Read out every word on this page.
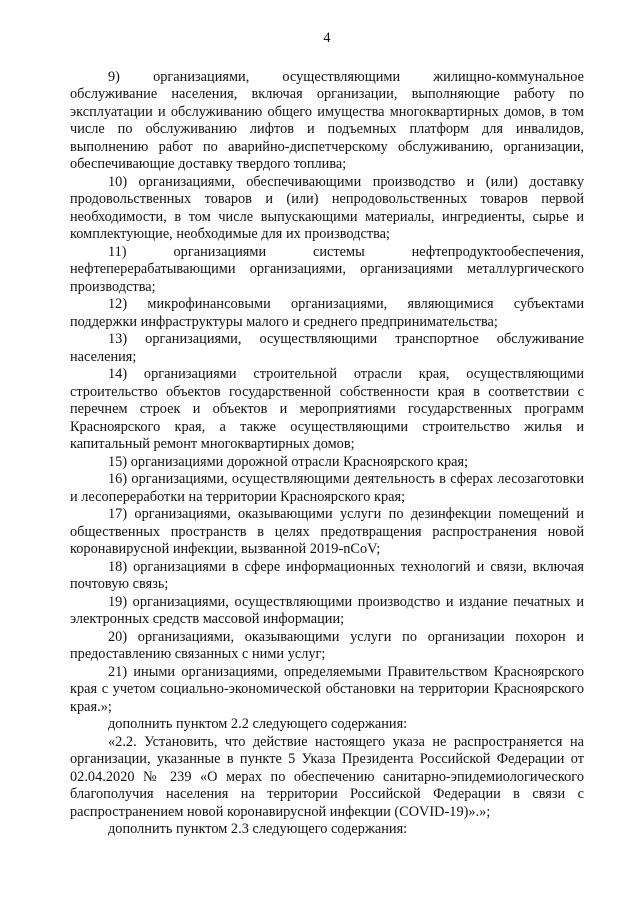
4

9) организациями, осуществляющими жилищно-коммунальное обслуживание населения, включая организации, выполняющие работу по эксплуатации и обслуживанию общего имущества многоквартирных домов, в том числе по обслуживанию лифтов и подъемных платформ для инвалидов, выполнению работ по аварийно-диспетчерскому обслуживанию, организации, обеспечивающие доставку твердого топлива;

10) организациями, обеспечивающими производство и (или) доставку продовольственных товаров и (или) непродовольственных товаров первой необходимости, в том числе выпускающими материалы, ингредиенты, сырье и комплектующие, необходимые для их производства;

11) организациями системы нефтепродуктообеспечения, нефтеперерабатывающими организациями, организациями металлургического производства;

12) микрофинансовыми организациями, являющимися субъектами поддержки инфраструктуры малого и среднего предпринимательства;

13) организациями, осуществляющими транспортное обслуживание населения;

14) организациями строительной отрасли края, осуществляющими строительство объектов государственной собственности края в соответствии с перечнем строек и объектов и мероприятиями государственных программ Красноярского края, а также осуществляющими строительство жилья и капитальный ремонт многоквартирных домов;

15) организациями дорожной отрасли Красноярского края;

16) организациями, осуществляющими деятельность в сферах лесозаготовки и лесопереработки на территории Красноярского края;

17) организациями, оказывающими услуги по дезинфекции помещений и общественных пространств в целях предотвращения распространения новой коронавирусной инфекции, вызванной 2019-nCoV;

18) организациями в сфере информационных технологий и связи, включая почтовую связь;

19) организациями, осуществляющими производство и издание печатных и электронных средств массовой информации;

20) организациями, оказывающими услуги по организации похорон и предоставлению связанных с ними услуг;

21) иными организациями, определяемыми Правительством Красноярского края с учетом социально-экономической обстановки на территории Красноярского края.»;

дополнить пунктом 2.2 следующего содержания:

«2.2. Установить, что действие настоящего указа не распространяется на организации, указанные в пункте 5 Указа Президента Российской Федерации от 02.04.2020 № 239 «О мерах по обеспечению санитарно-эпидемиологического благополучия населения на территории Российской Федерации в связи с распространением новой коронавирусной инфекции (COVID-19)».»;

дополнить пунктом 2.3 следующего содержания:
